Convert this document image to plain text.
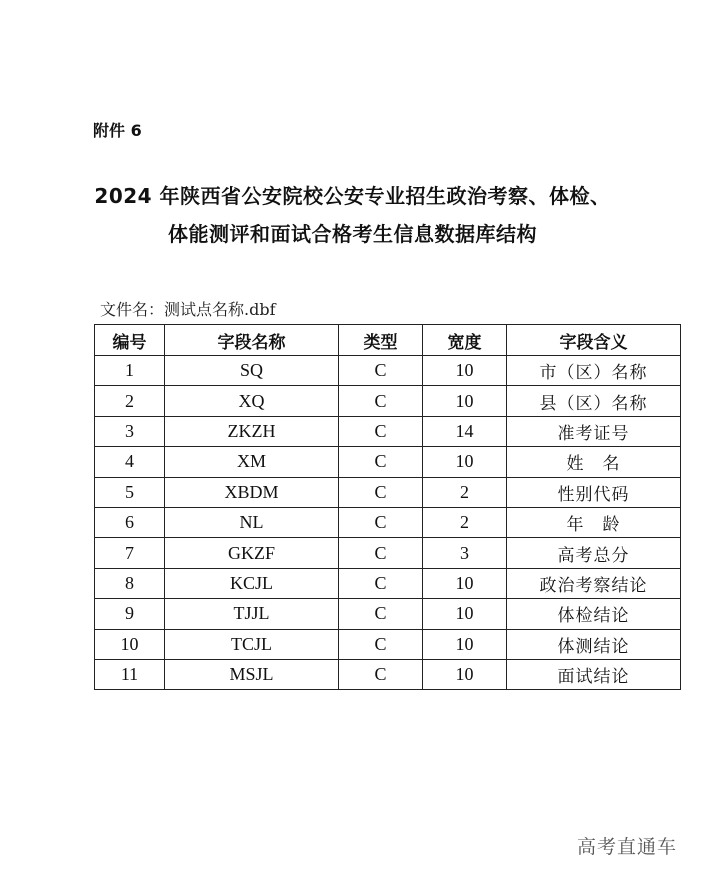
附件 6
2024 年陕西省公安院校公安专业招生政治考察、体检、
体能测评和面试合格考生信息数据库结构
文件名：测试点名称.dbf
编号	字段名称	类型	宽度	字段含义
1	SQ	C	10	市（区）名称
2	XQ	C	10	县（区）名称
3	ZKZH	C	14	准考证号
4	XM	C	10	姓　名
5	XBDM	C	2	性别代码
6	NL	C	2	年　龄
7	GKZF	C	3	高考总分
8	KCJL	C	10	政治考察结论
9	TJJL	C	10	体检结论
10	TCJL	C	10	体测结论
11	MSJL	C	10	面试结论
高考直通车
